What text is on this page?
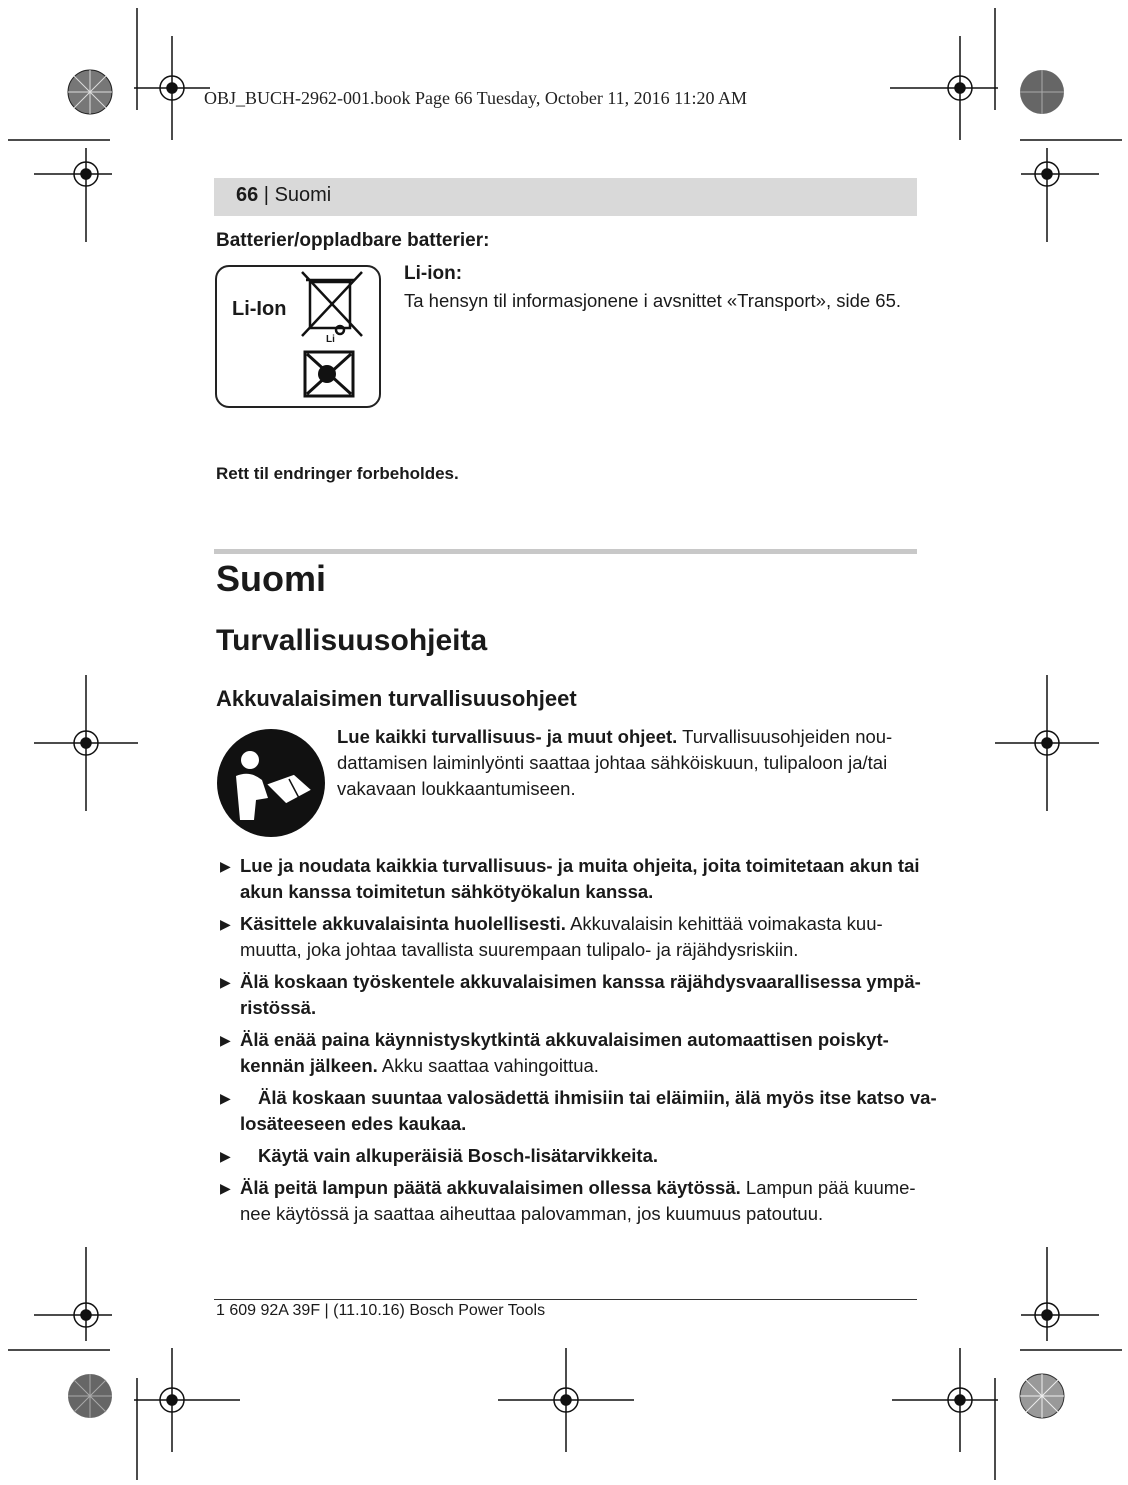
OBJ_BUCH-2962-001.book Page 66 Tuesday, October 11, 2016 11:20 AM
66 | Suomi
Batterier/oppladbare batterier:
Li-Ion
Li
Li-ion:
Ta hensyn til informasjonene i avsnittet «Transport», side 65.
Rett til endringer forbeholdes.
Suomi
Turvallisuusohjeita
Akkuvalaisimen turvallisuusohjeet
Lue kaikki turvallisuus- ja muut ohjeet. Turvallisuusohjeiden nou-
dattamisen laiminlyönti saattaa johtaa sähköiskuun, tulipaloon ja/tai
vakavaan loukkaantumiseen.
▶ Lue ja noudata kaikkia turvallisuus- ja muita ohjeita, joita toimitetaan akun tai
akun kanssa toimitetun sähkötyökalun kanssa.
▶ Käsittele akkuvalaisinta huolellisesti. Akkuvalaisin kehittää voimakasta kuu-
muutta, joka johtaa tavallista suurempaan tulipalo- ja räjähdysriskiin.
▶ Älä koskaan työskentele akkuvalaisimen kanssa räjähdysvaarallisessa ympä-
ristössä.
▶ Älä enää paina käynnistyskytkintä akkuvalaisimen automaattisen poiskyt-
kennän jälkeen. Akku saattaa vahingoittua.
▶ Älä koskaan suuntaa valosädettä ihmisiin tai eläimiin, älä myös itse katso va-
losäteeseen edes kaukaa.
▶ Käytä vain alkuperäisiä Bosch-lisätarvikkeita.
▶ Älä peitä lampun päätä akkuvalaisimen ollessa käytössä. Lampun pää kuume-
nee käytössä ja saattaa aiheuttaa palovamman, jos kuumuus patoutuu.
1 609 92A 39F | (11.10.16) Bosch Power Tools
